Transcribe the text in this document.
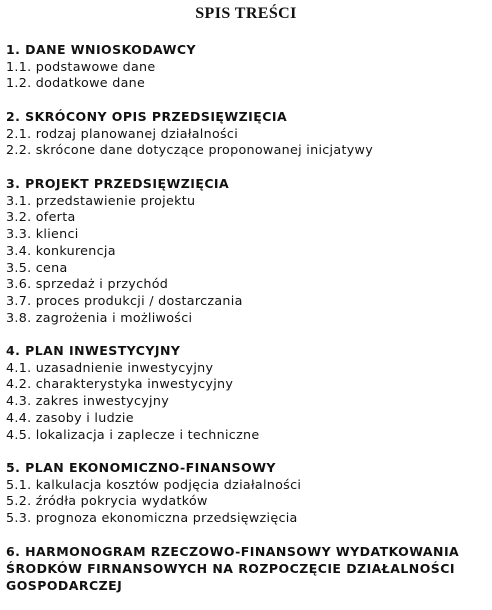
SPIS TREŚCI

1. DANE WNIOSKODAWCY

1.1. podstawowe dane
1.2. dodatkowe dane

2. SKRÓCONY OPIS PRZEDSIĘWZIĘCIA

2.1. rodzaj planowanej działalności
2.2. skrócone dane dotyczące proponowanej inicjatywy

3. PROJEKT PRZEDSIĘWZIĘCIA

3.1. przedstawienie projektu
3.2. oferta
3.3. klienci
3.4. konkurencja
3.5. cena
3.6. sprzedaż i przychód
3.7. proces produkcji / dostarczania
3.8. zagrożenia i możliwości

4. PLAN INWESTYCYJNY

4.1. uzasadnienie inwestycyjny
4.2. charakterystyka inwestycyjny
4.3. zakres inwestycyjny
4.4. zasoby i ludzie
4.5. lokalizacja i zaplecze i techniczne

5. PLAN EKONOMICZNO-FINANSOWY

5.1. kalkulacja kosztów podjęcia działalności
5.2. źródła pokrycia wydatków
5.3. prognoza ekonomiczna przedsięwzięcia
6. HARMONOGRAM RZECZOWO-FINANSOWY WYDATKOWANIA
ŚRODKÓW FIRNANSOWYCH NA ROZPOCZĘCIE DZIAŁALNOŚCI
GOSPODARCZEJ
